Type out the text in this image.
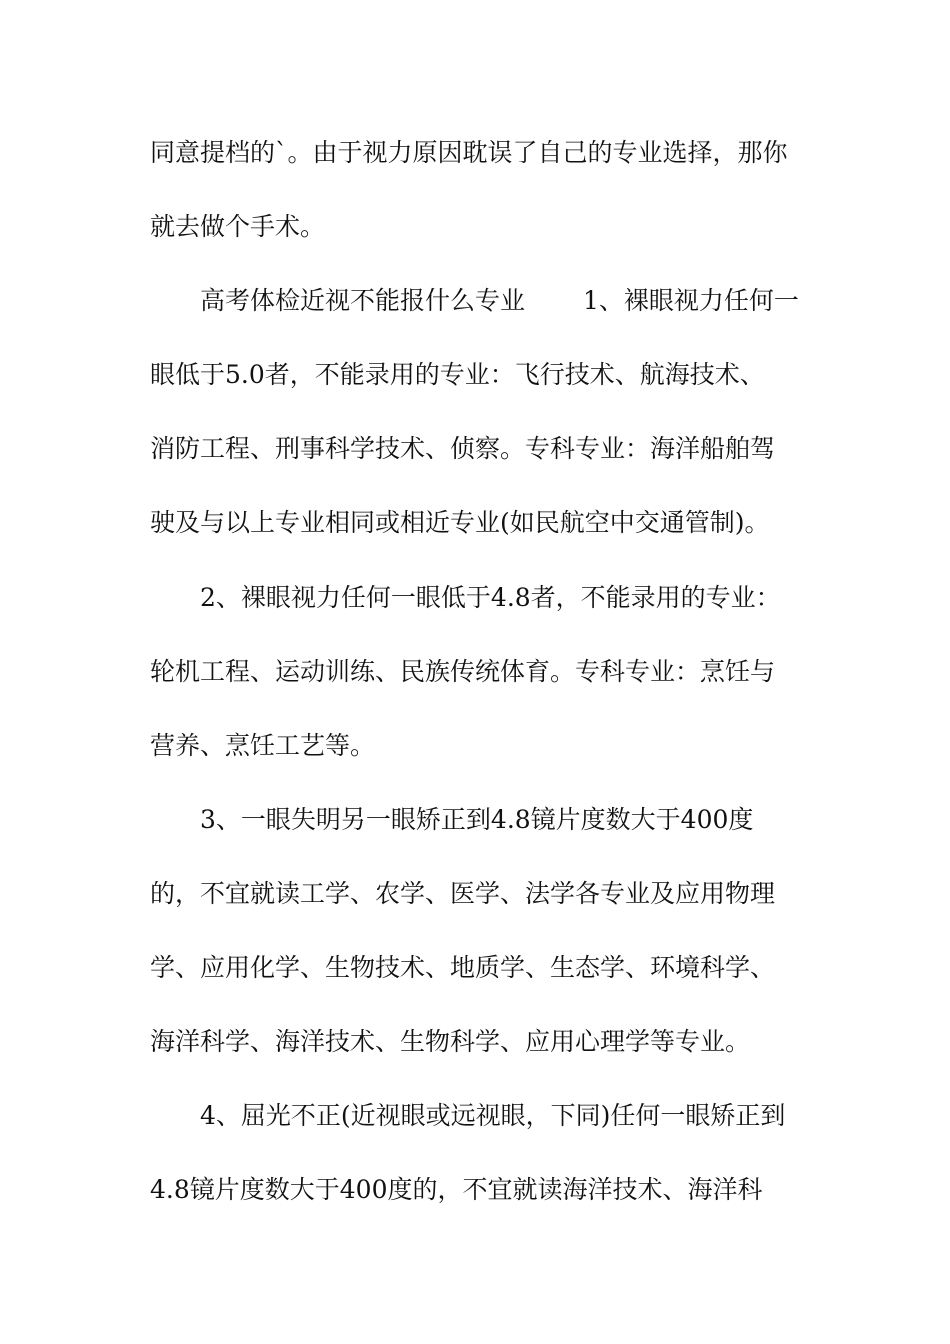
同意提档的`。由于视力原因耽误了自己的专业选择，那你
就去做个手术。
高考体检近视不能报什么专业　　 1、裸眼视力任何一
眼低于5.0者，不能录用的专业：飞行技术、航海技术、
消防工程、刑事科学技术、侦察。专科专业：海洋船舶驾
驶及与以上专业相同或相近专业(如民航空中交通管制)。
2、裸眼视力任何一眼低于4.8者，不能录用的专业：
轮机工程、运动训练、民族传统体育。专科专业：烹饪与
营养、烹饪工艺等。
3、一眼失明另一眼矫正到4.8镜片度数大于400度
的，不宜就读工学、农学、医学、法学各专业及应用物理
学、应用化学、生物技术、地质学、生态学、环境科学、
海洋科学、海洋技术、生物科学、应用心理学等专业。
4、屈光不正(近视眼或远视眼，下同)任何一眼矫正到
4.8镜片度数大于400度的，不宜就读海洋技术、海洋科
